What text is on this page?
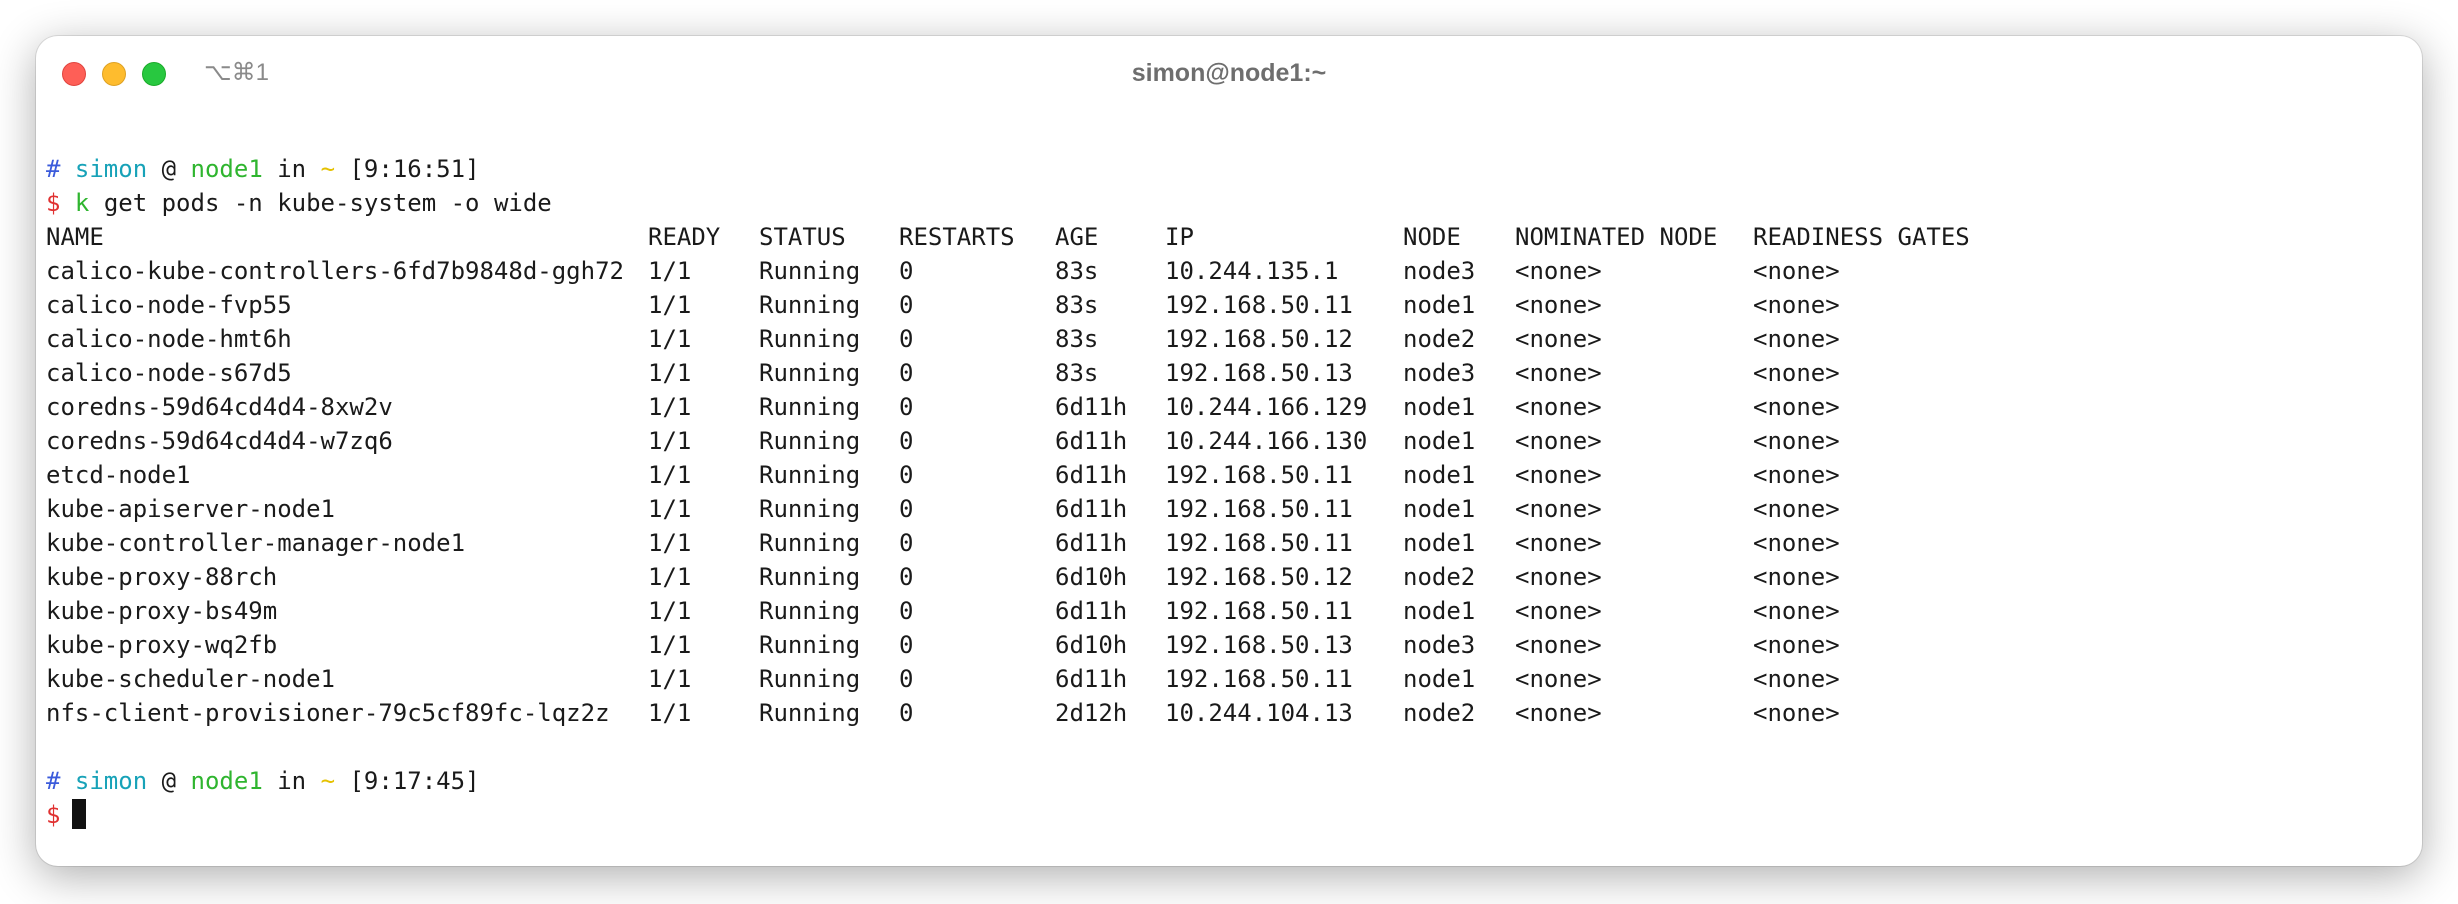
⌥⌘1	simon@node1:~
# simon @ node1 in ~ [9:16:51]
$ k get pods -n kube-system -o wide
NAME	READY STATUS RESTARTS AGE	IP	NODE NOMINATED NODE READINESS GATES
calico-kube-controllers-6fd7b9848d-ggh72 1/1	Running 0	83s	10.244.135.1	node3 <none>	<none>
calico-node-fvp55	1/1	Running 0	83s	192.168.50.11 node1 <none>	<none>
calico-node-hmt6h	1/1	Running 0	83s	192.168.50.12 node2 <none>	<none>
calico-node-s67d5	1/1	Running 0	83s	192.168.50.13 node3 <none>	<none>
coredns-59d64cd4d4-8xw2v	1/1	Running 0	6d11h 10.244.166.129 node1 <none>	<none>
coredns-59d64cd4d4-w7zq6	1/1	Running 0	6d11h 10.244.166.130 node1 <none>	<none>
etcd-node1	1/1	Running 0	6d11h 192.168.50.11 node1 <none>	<none>
kube-apiserver-node1	1/1	Running 0	6d11h 192.168.50.11 node1 <none>	<none>
kube-controller-manager-node1	1/1	Running 0	6d11h 192.168.50.11 node1 <none>	<none>
kube-proxy-88rch	1/1	Running 0	6d10h 192.168.50.12 node2 <none>	<none>
kube-proxy-bs49m	1/1	Running 0	6d11h 192.168.50.11 node1 <none>	<none>
kube-proxy-wq2fb	1/1	Running 0	6d10h 192.168.50.13 node3 <none>	<none>
kube-scheduler-node1	1/1	Running 0	6d11h 192.168.50.11 node1 <none>	<none>
nfs-client-provisioner-79c5cf89fc-lqz2z 1/1	Running 0	2d12h 10.244.104.13 node2 <none>	<none>
# simon @ node1 in ~ [9:17:45]
$
